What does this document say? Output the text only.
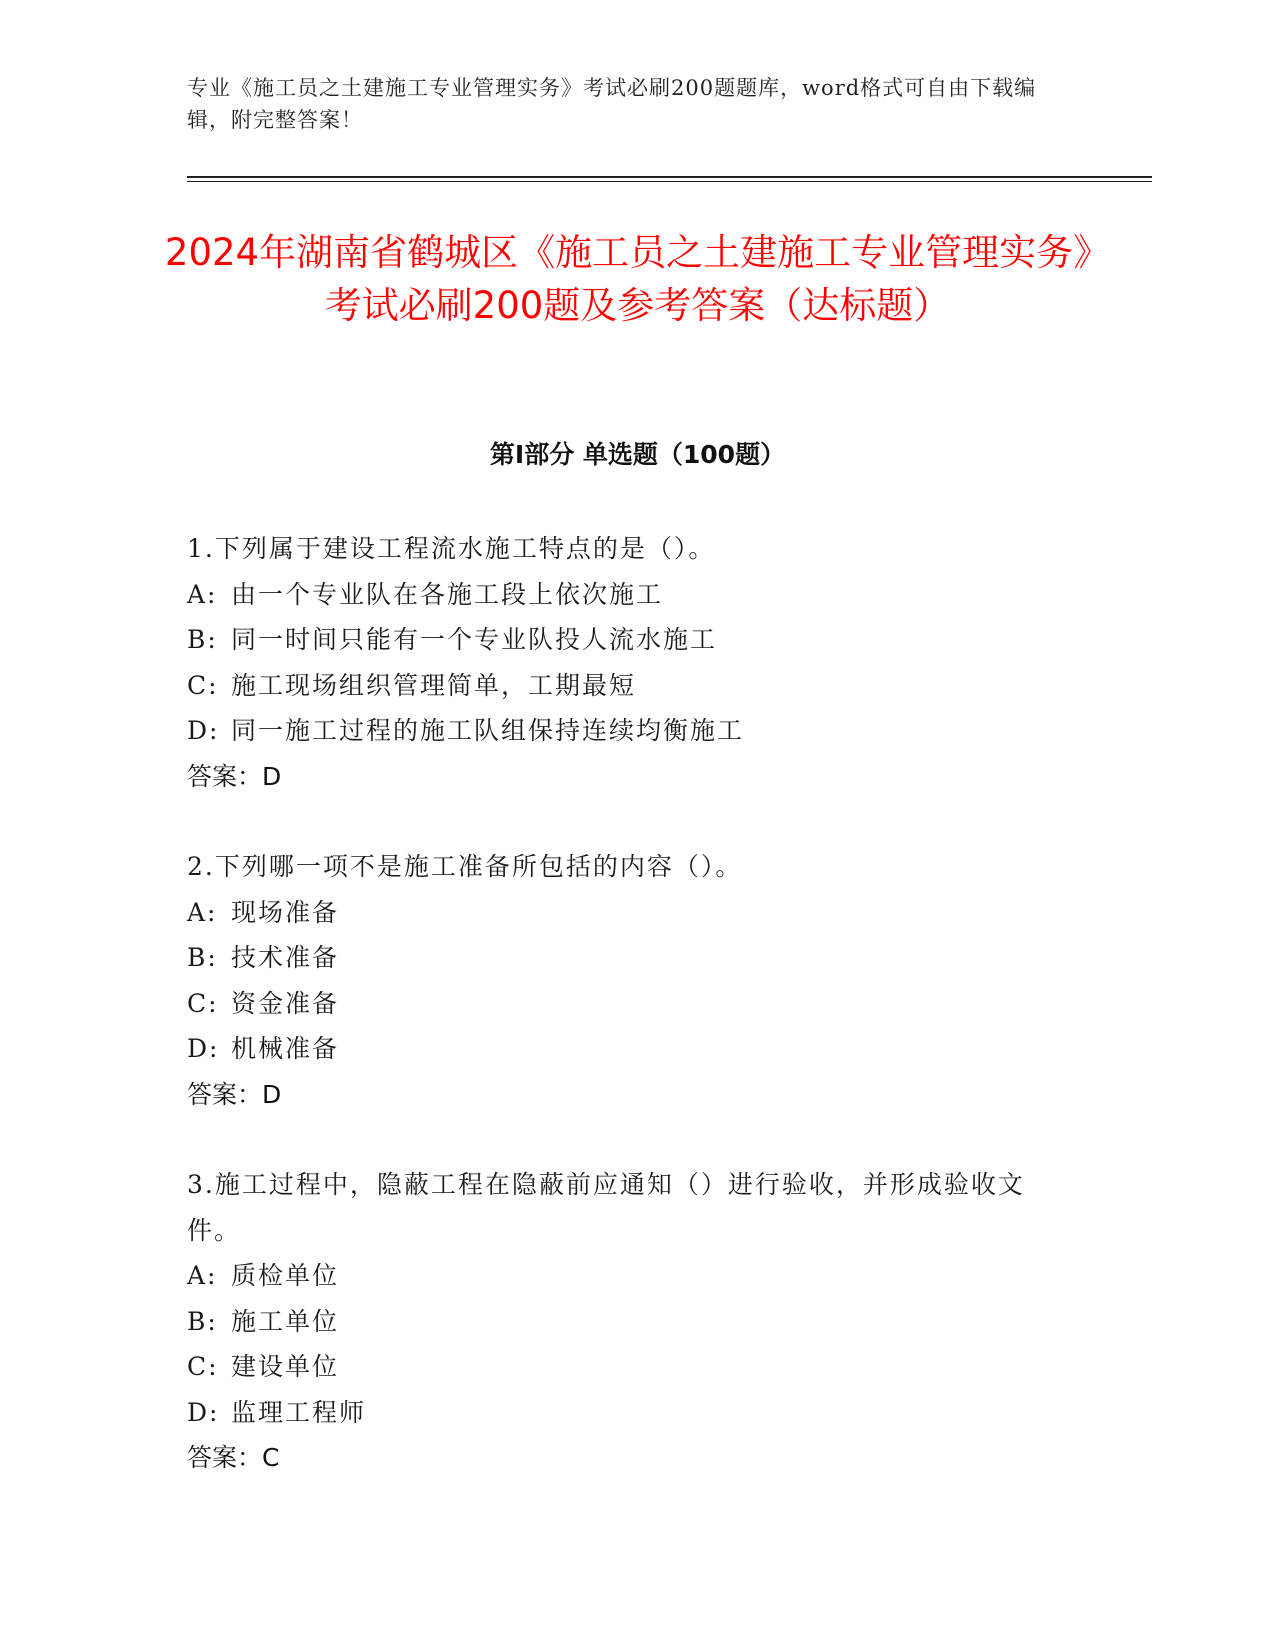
专业《施工员之土建施工专业管理实务》考试必刷200题题库，word格式可自由下载编辑，附完整答案！
2024年湖南省鹤城区《施工员之土建施工专业管理实务》考试必刷200题及参考答案（达标题）
第Ⅰ部分 单选题（100题）
1.下列属于建设工程流水施工特点的是（）。
A: 由一个专业队在各施工段上依次施工
B: 同一时间只能有一个专业队投人流水施工
C: 施工现场组织管理简单，工期最短
D: 同一施工过程的施工队组保持连续均衡施工
答案：D
2.下列哪一项不是施工准备所包括的内容（）。
A: 现场准备
B: 技术准备
C: 资金准备
D: 机械准备
答案：D
3.施工过程中，隐蔽工程在隐蔽前应通知（）进行验收，并形成验收文件。
A: 质检单位
B: 施工单位
C: 建设单位
D: 监理工程师
答案：C
